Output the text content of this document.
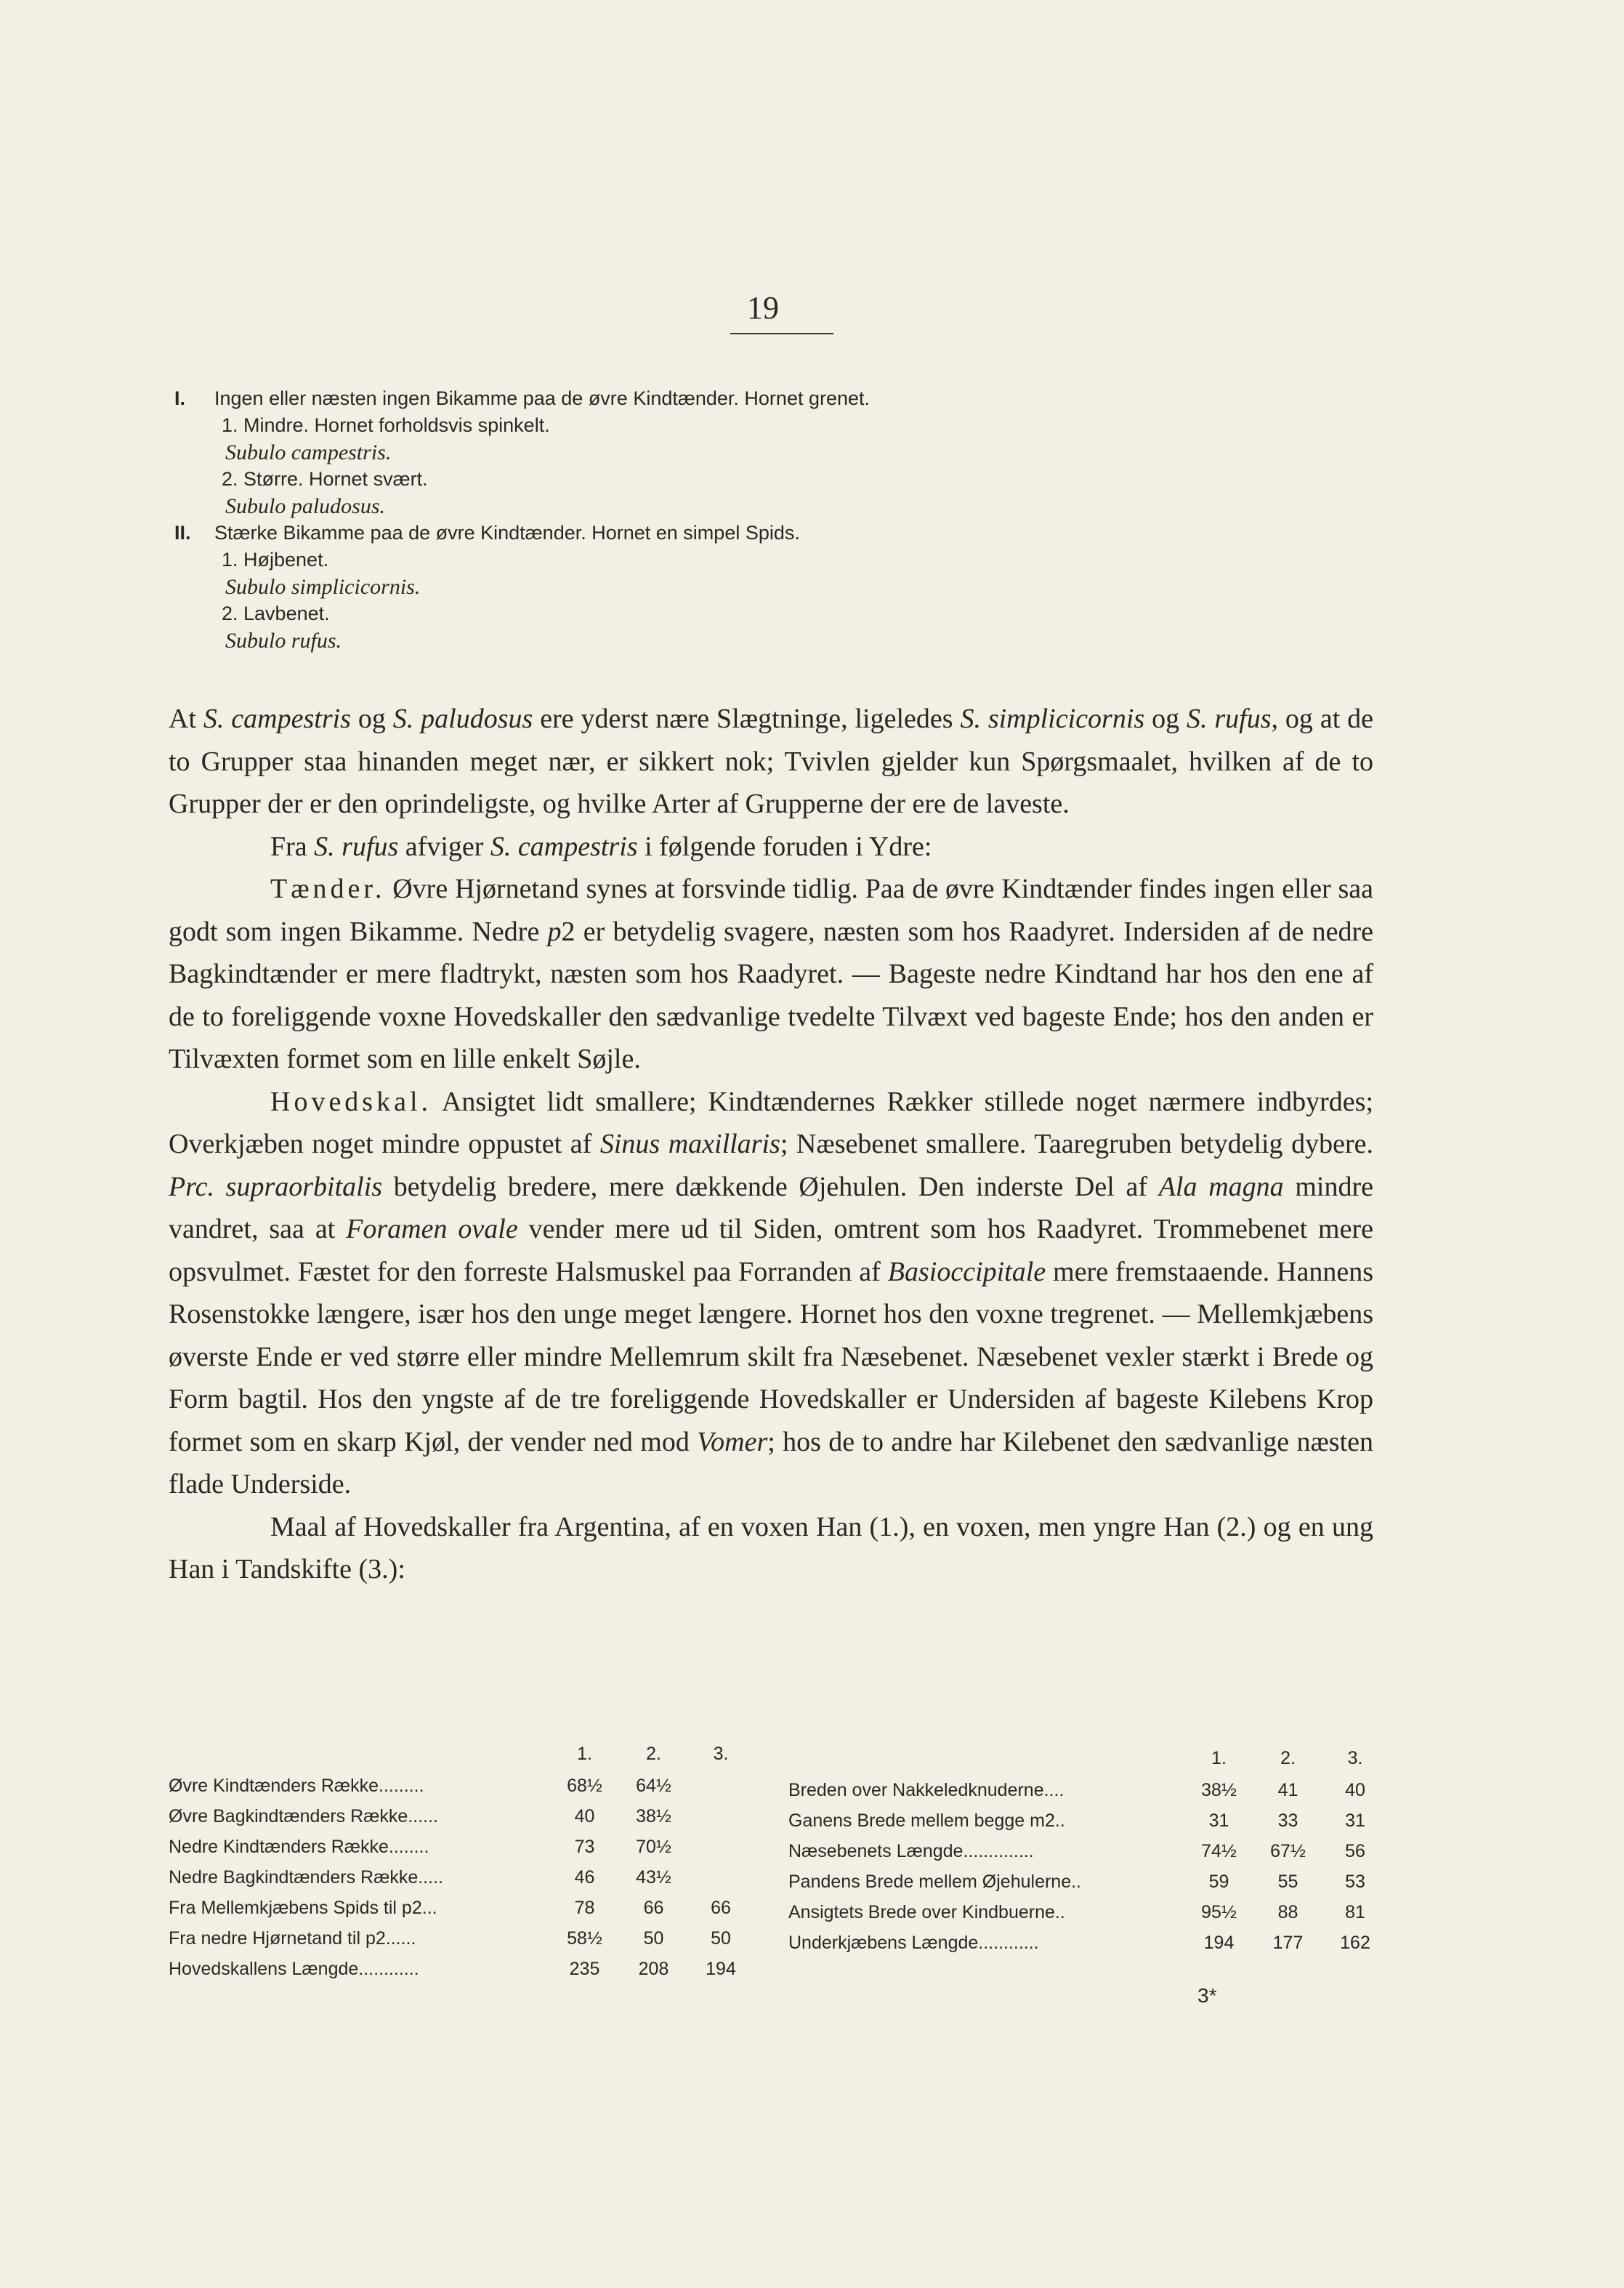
19
I. Ingen eller næsten ingen Bikamme paa de øvre Kindtænder. Hornet grenet.
1. Mindre. Hornet forholdsvis spinkelt.
Subulo campestris.
2. Større. Hornet svært.
Subulo paludosus.
II. Stærke Bikamme paa de øvre Kindtænder. Hornet en simpel Spids.
1. Højbenet.
Subulo simplicicornis.
2. Lavbenet.
Subulo rufus.

At S. campestris og S. paludosus ere yderst nære Slægtninge, ligeledes S. simplicicornis og S. rufus, og at de to Grupper staa hinanden meget nær, er sikkert nok; Tvivlen gjelder kun Spørgsmaalet, hvilken af de to Grupper der er den oprindeligste, og hvilke Arter af Grupperne der ere de laveste.

Fra S. rufus afviger S. campestris i følgende foruden i Ydre:

Tænder. Øvre Hjørnetand synes at forsvinde tidlig. Paa de øvre Kindtænder findes ingen eller saa godt som ingen Bikamme. Nedre p2 er betydelig svagere, næsten som hos Raadyret. Indersiden af de nedre Bagkindtænder er mere fladtrykt, næsten som hos Raadyret. — Bageste nedre Kindtand har hos den ene af de to foreliggende voxne Hovedskaller den sædvanlige tvedelte Tilvæxt ved bageste Ende; hos den anden er Tilvæxten formet som en lille enkelt Søjle.

Hovedskal. Ansigtet lidt smallere; Kindtændernes Rækker stillede noget nærmere indbyrdes; Overkjæben noget mindre oppustet af Sinus maxillaris; Næsebenet smallere. Taaregruben betydelig dybere. Prc. supraorbitalis betydelig bredere, mere dækkende Øjehulen. Den inderste Del af Ala magna mindre vandret, saa at Foramen ovale vender mere ud til Siden, omtrent som hos Raadyret. Trommebenet mere opsvulmet. Fæstet for den forreste Halsmuskel paa Forranden af Basioccipitale mere fremstaaende. Hannens Rosenstokke længere, især hos den unge meget længere. Hornet hos den voxne tregrenet. — Mellemkjæbens øverste Ende er ved større eller mindre Mellemrum skilt fra Næsebenet. Næsebenet vexler stærkt i Brede og Form bagtil. Hos den yngste af de tre foreliggende Hovedskaller er Undersiden af bageste Kilebens Krop formet som en skarp Kjøl, der vender ned mod Vomer; hos de to andre har Kilebenet den sædvanlige næsten flade Underside.

Maal af Hovedskaller fra Argentina, af en voxen Han (1.), en voxen, men yngre Han (2.) og en ung Han i Tandskifte (3.):

	1.	2.	3.
Øvre Kindtænders Række.........	68½	64½	
Øvre Bagkindtænders Række......	40	38½	
Nedre Kindtænders Række........	73	70½	
Nedre Bagkindtænders Række.....	46	43½	
Fra Mellemkjæbens Spids til p2...	78	66	66
Fra nedre Hjørnetand til p2......	58½	50	50
Hovedskallens Længde............	235	208	194
	1.	2.	3.
Breden over Nakkeledknuderne....	38½	41	40
Ganens Brede mellem begge m2..	31	33	31
Næsebenets Længde..............	74½	67½	56
Pandens Brede mellem Øjehulerne..	59	55	53
Ansigtets Brede over Kindbuerne..	95½	88	81
Underkjæbens Længde............	194	177	162
3*
